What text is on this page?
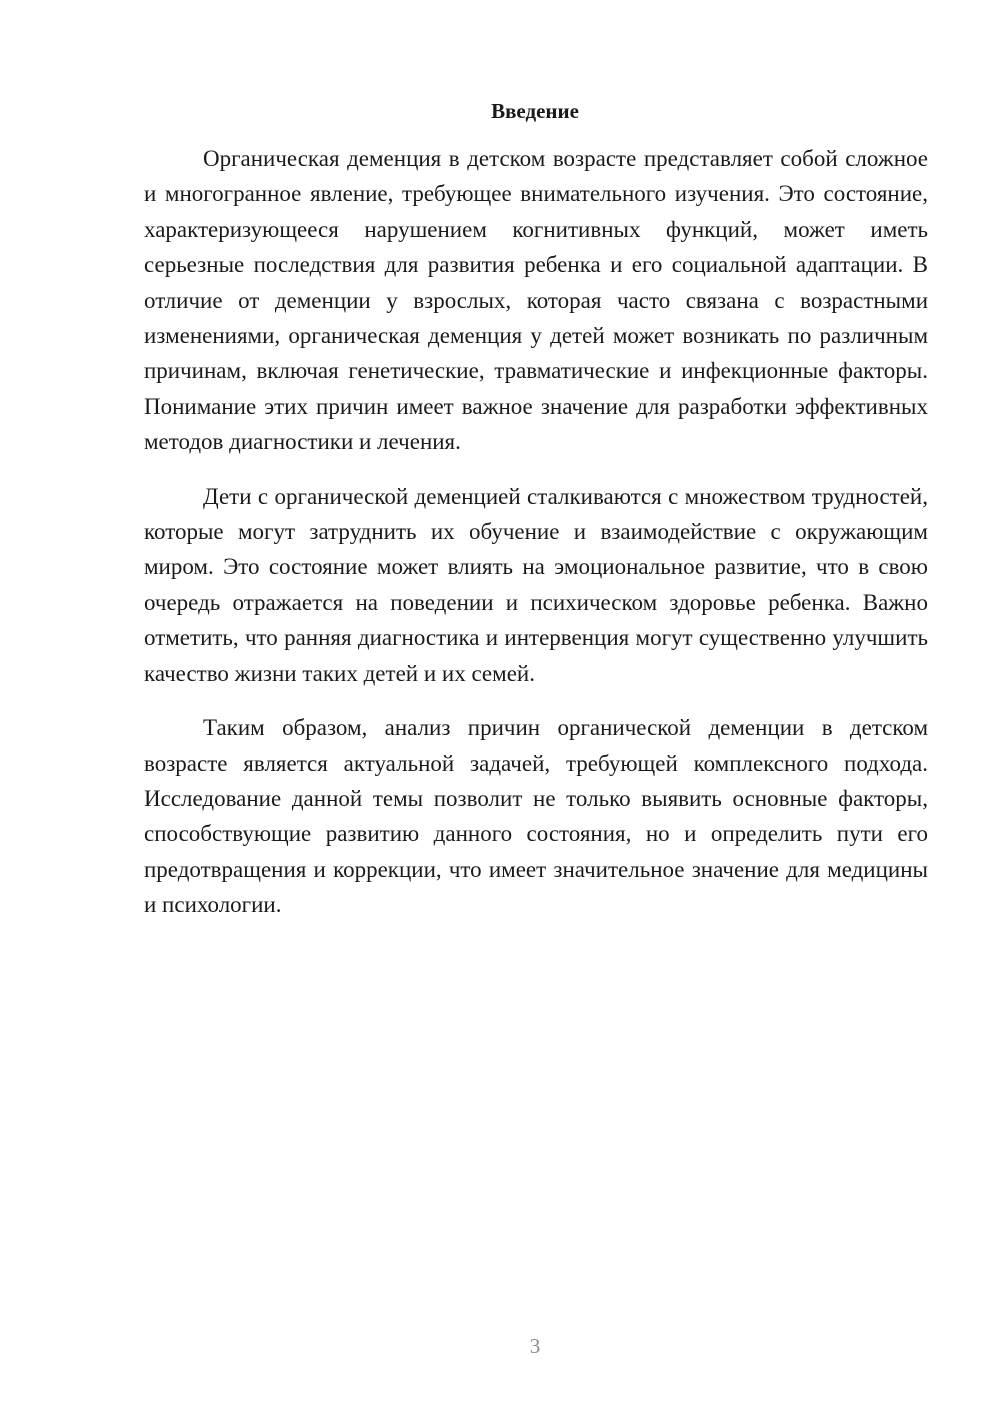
Введение

Органическая деменция в детском возрасте представляет собой сложное и многогранное явление, требующее внимательного изучения. Это состояние, характеризующееся нарушением когнитивных функций, может иметь серьезные последствия для развития ребенка и его социальной адаптации. В отличие от деменции у взрослых, которая часто связана с возрастными изменениями, органическая деменция у детей может возникать по различным причинам, включая генетические, травматические и инфекционные факторы. Понимание этих причин имеет важное значение для разработки эффективных методов диагностики и лечения.

Дети с органической деменцией сталкиваются с множеством трудностей, которые могут затруднить их обучение и взаимодействие с окружающим миром. Это состояние может влиять на эмоциональное развитие, что в свою очередь отражается на поведении и психическом здоровье ребенка. Важно отметить, что ранняя диагностика и интервенция могут существенно улучшить качество жизни таких детей и их семей.

Таким образом, анализ причин органической деменции в детском возрасте является актуальной задачей, требующей комплексного подхода. Исследование данной темы позволит не только выявить основные факторы, способствующие развитию данного состояния, но и определить пути его предотвращения и коррекции, что имеет значительное значение для медицины и психологии.

3
